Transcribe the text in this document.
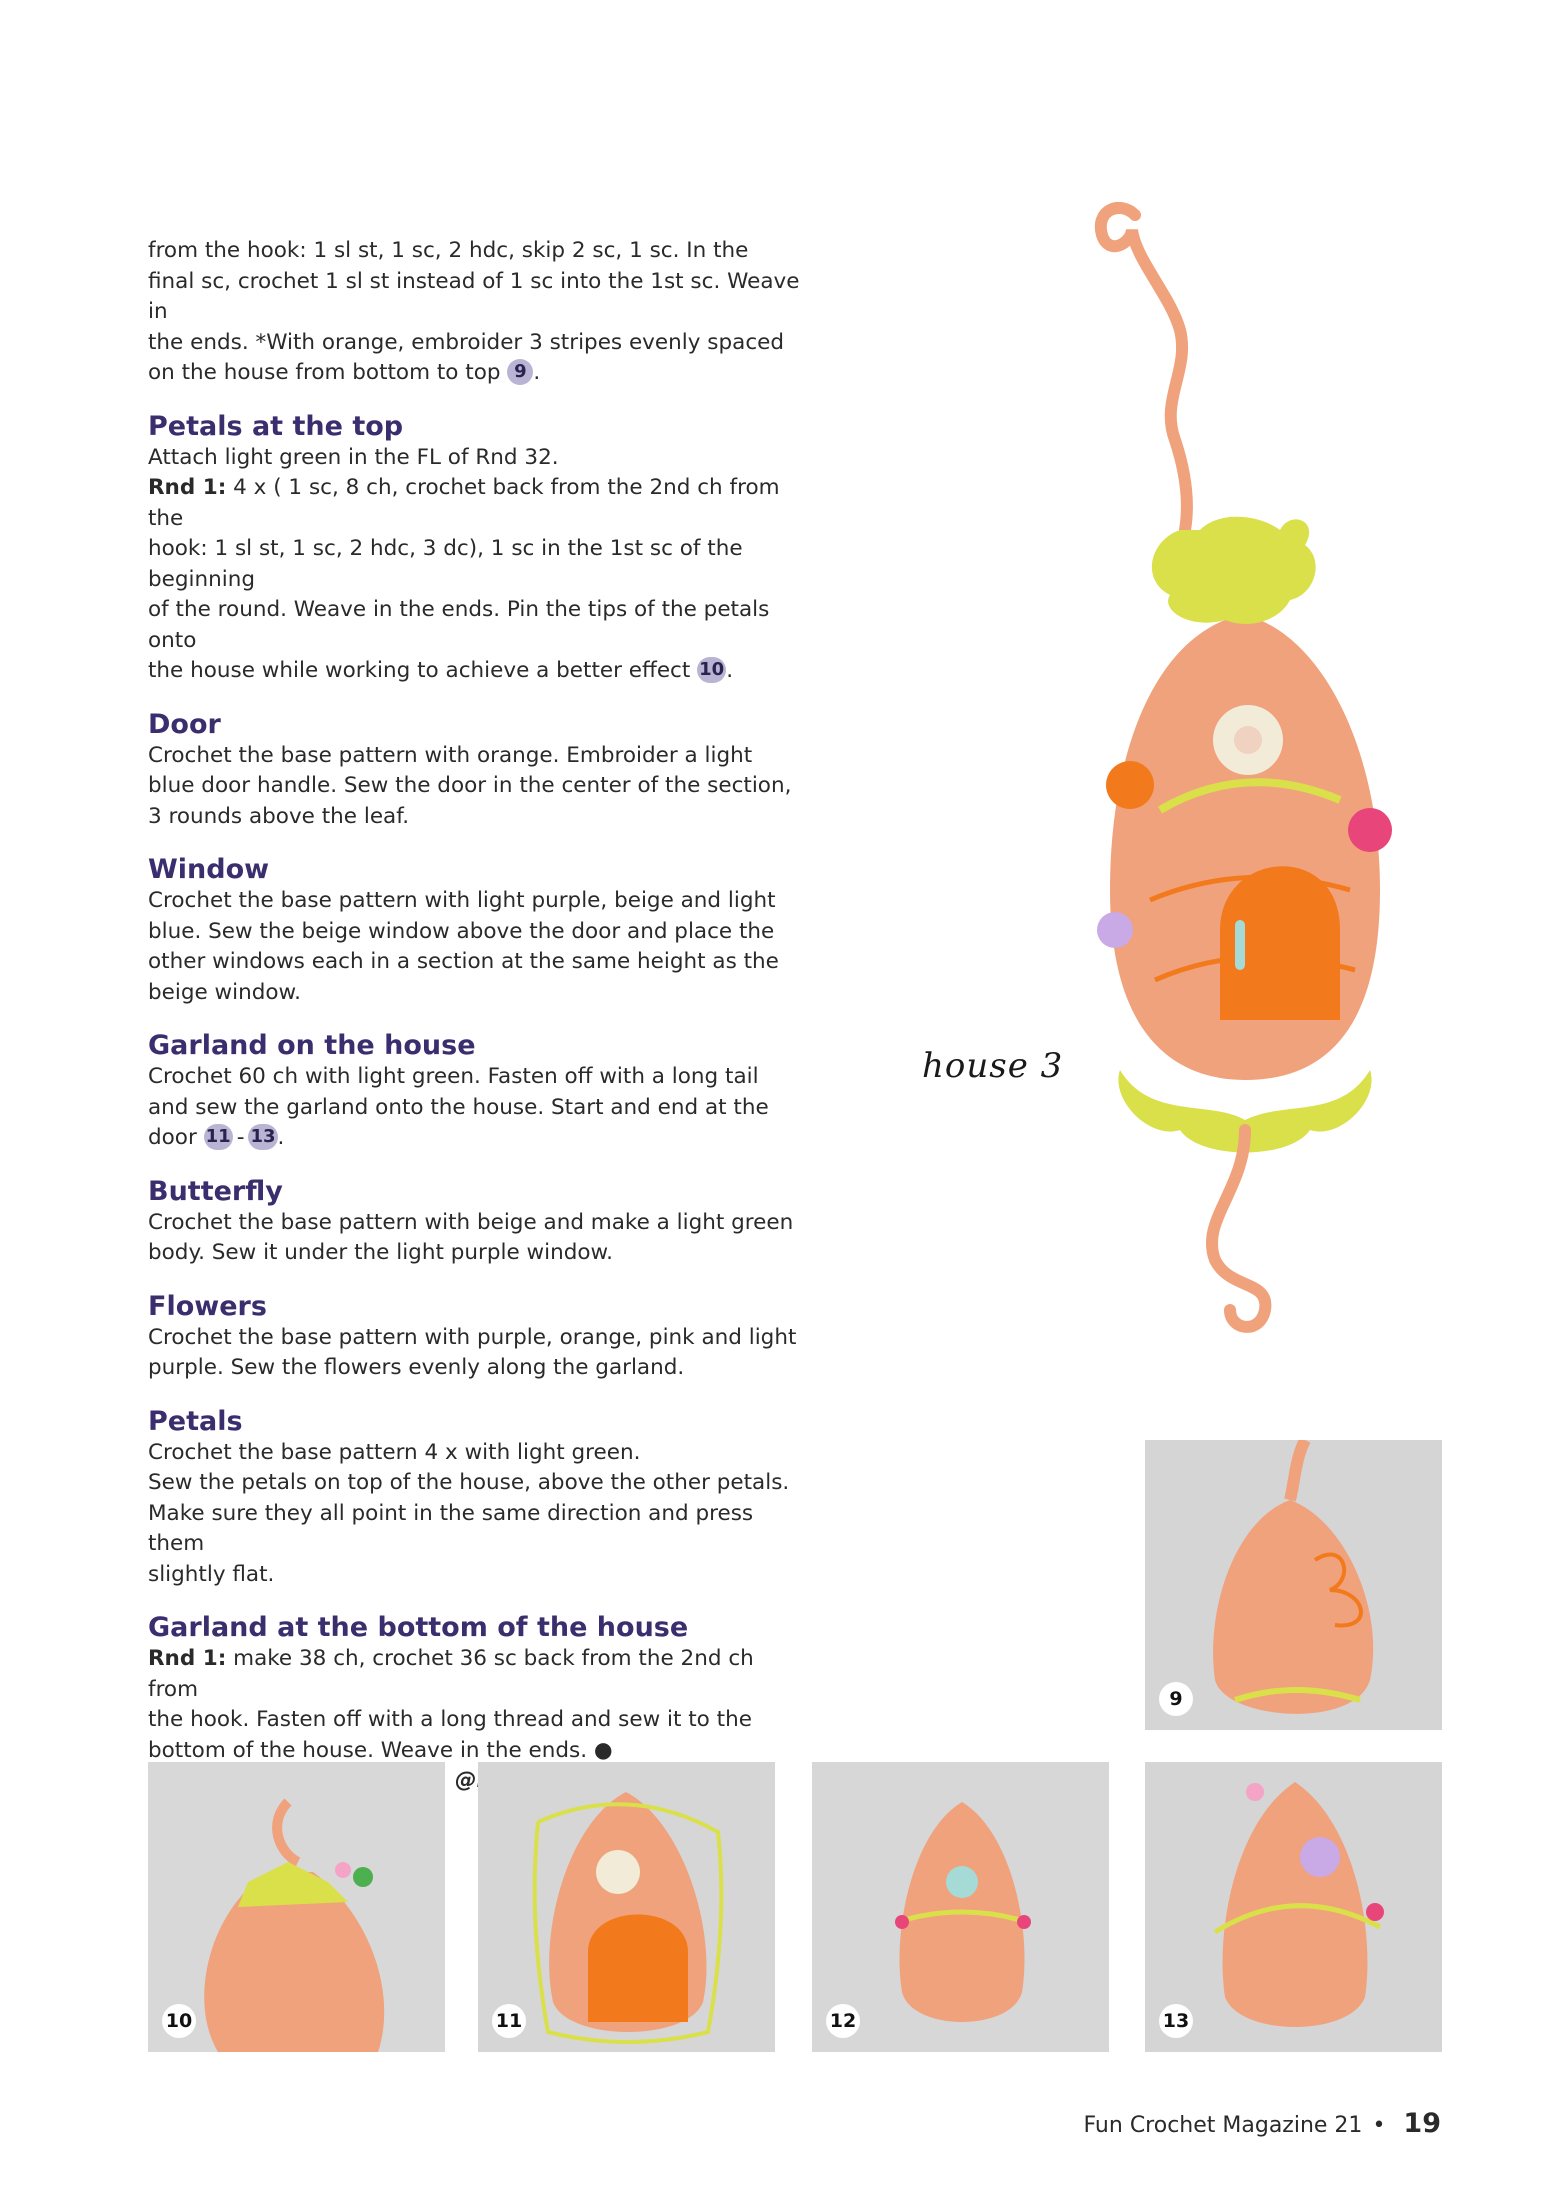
from the hook: 1 sl st, 1 sc, 2 hdc, skip 2 sc, 1 sc. In the

final sc, crochet 1 sl st instead of 1 sc into the 1st sc. Weave in

the ends. *With orange, embroider 3 stripes evenly spaced

on the house from bottom to top 9 .

Petals at the top

Attach light green in the FL of Rnd 32.

Rnd 1: 4 x ( 1 sc, 8 ch, crochet back from the 2nd ch from the

hook: 1 sl st, 1 sc, 2 hdc, 3 dc), 1 sc in the 1st sc of the beginning

of the round. Weave in the ends. Pin the tips of the petals onto

the house while working to achieve a better effect 10.

Door

Crochet the base pattern with orange. Embroider a light

blue door handle. Sew the door in the center of the section,

3 rounds above the leaf.

Window

Crochet the base pattern with light purple, beige and light

blue. Sew the beige window above the door and place the

other windows each in a section at the same height as the

beige window.

Garland on the house

Crochet 60 ch with light green. Fasten off with a long tail

and sew the garland onto the house. Start and end at the

door 11 - 13.

Butterfly

Crochet the base pattern with beige and make a light green

body. Sew it under the light purple window.

Flowers

Crochet the base pattern with purple, orange, pink and light

purple. Sew the flowers evenly along the garland.

Petals

Crochet the base pattern 4 x with light green.

Sew the petals on top of the house, above the other petals.

Make sure they all point in the same direction and press them

slightly flat.

Garland at the bottom of the house

Rnd 1: make 38 ch, crochet 36 sc back from the 2nd ch from

the hook. Fasten off with a long thread and sew it to the

bottom of the house. Weave in the ends. ●

house 3
9
10	11	12	13
Fun Crochet Magazine 21 • 19
